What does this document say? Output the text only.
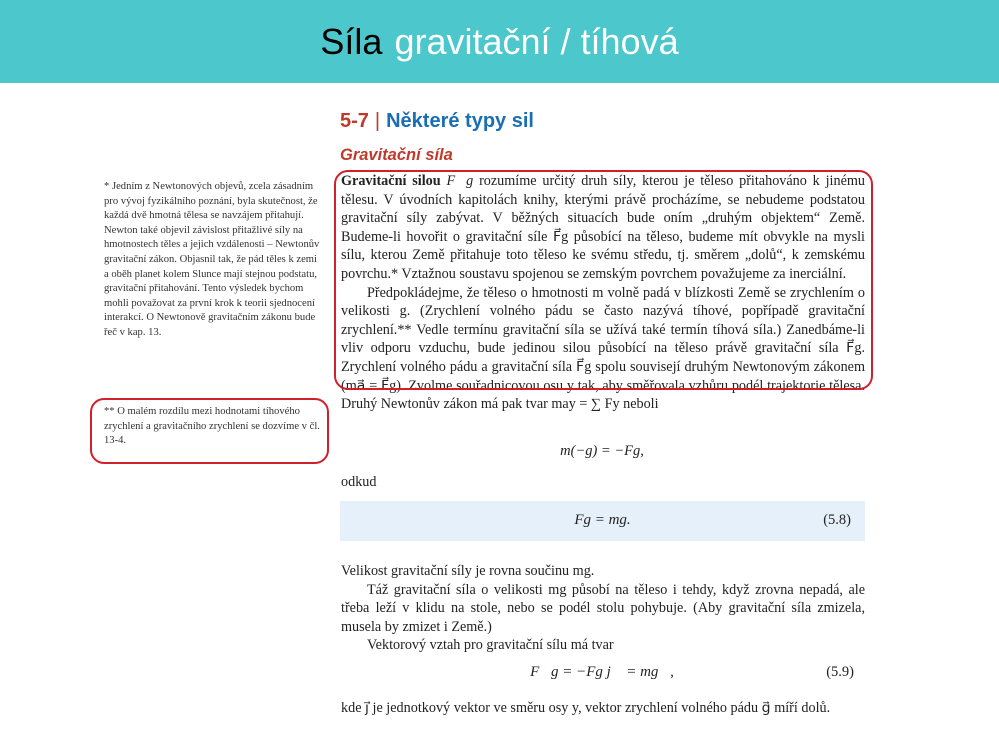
Síla gravitační / tíhová
* Jedním z Newtonových objevů, zcela zásadním pro vývoj fyzikálního poznání, byla skutečnost, že každá dvě hmotná tělesa se navzájem přitahují. Newton také objevil závislost přitažlivé síly na hmotnostech těles a jejich vzdálenosti – Newtonův gravitační zákon. Objasnil tak, že pád těles k zemi a oběh planet kolem Slunce mají stejnou podstatu, gravitační přitahování. Tento výsledek bychom mohli považovat za první krok k teorii sjednocení interakcí. O Newtonově gravitačním zákonu bude řeč v kap. 13.
** O malém rozdílu mezi hodnotami tíhového zrychlení a gravitačního zrychlení se dozvíme v čl. 13-4.
5-7 | Některé typy sil
Gravitační síla

Gravitační silou F⃗g rozumíme určitý druh síly, kterou je těleso přitahováno k jinému tělesu. V úvodních kapitolách knihy, kterými právě procházíme, se nebudeme podstatou gravitační síly zabývat. V běžných situacích bude oním „druhým objektem“ Země. Budeme-li hovořit o gravitační síle F⃗g působící na těleso, budeme mít obvykle na mysli sílu, kterou Země přitahuje toto těleso ke svému středu, tj. směrem „dolů“, k zemskému povrchu.* Vztažnou soustavu spojenou se zemským povrchem považujeme za inerciální.

Předpokládejme, že těleso o hmotnosti m volně padá v blízkosti Země se zrychlením o velikosti g. (Zrychlení volného pádu se často nazývá tíhové, popřípadě gravitační zrychlení.** Vedle termínu gravitační síla se užívá také termín tíhová síla.) Zanedbáme-li vliv odporu vzduchu, bude jedinou silou působící na těleso právě gravitační síla F⃗g. Zrychlení volného pádu a gravitační síla F⃗g spolu souvisejí druhým Newtonovým zákonem (ma⃗ = F⃗g). Zvolme souřadnicovou osu y tak, aby směřovala vzhůru podél trajektorie tělesa. Druhý Newtonův zákon má pak tvar may = ∑ Fy neboli

m(−g) = −Fg,
odkud
Fg = mg.	(5.8)

Velikost gravitační síly je rovna součinu mg.

Táž gravitační síla o velikosti mg působí na těleso i tehdy, když zrovna nepadá, ale třeba leží v klidu na stole, nebo se podél stolu pohybuje. (Aby gravitační síla zmizela, musela by zmizet i Země.)

Vektorový vztah pro gravitační sílu má tvar

F⃗g = −Fg j⃗ = mg⃗,	(5.9)

kde j⃗ je jednotkový vektor ve směru osy y, vektor zrychlení volného pádu g⃗ míří dolů.
